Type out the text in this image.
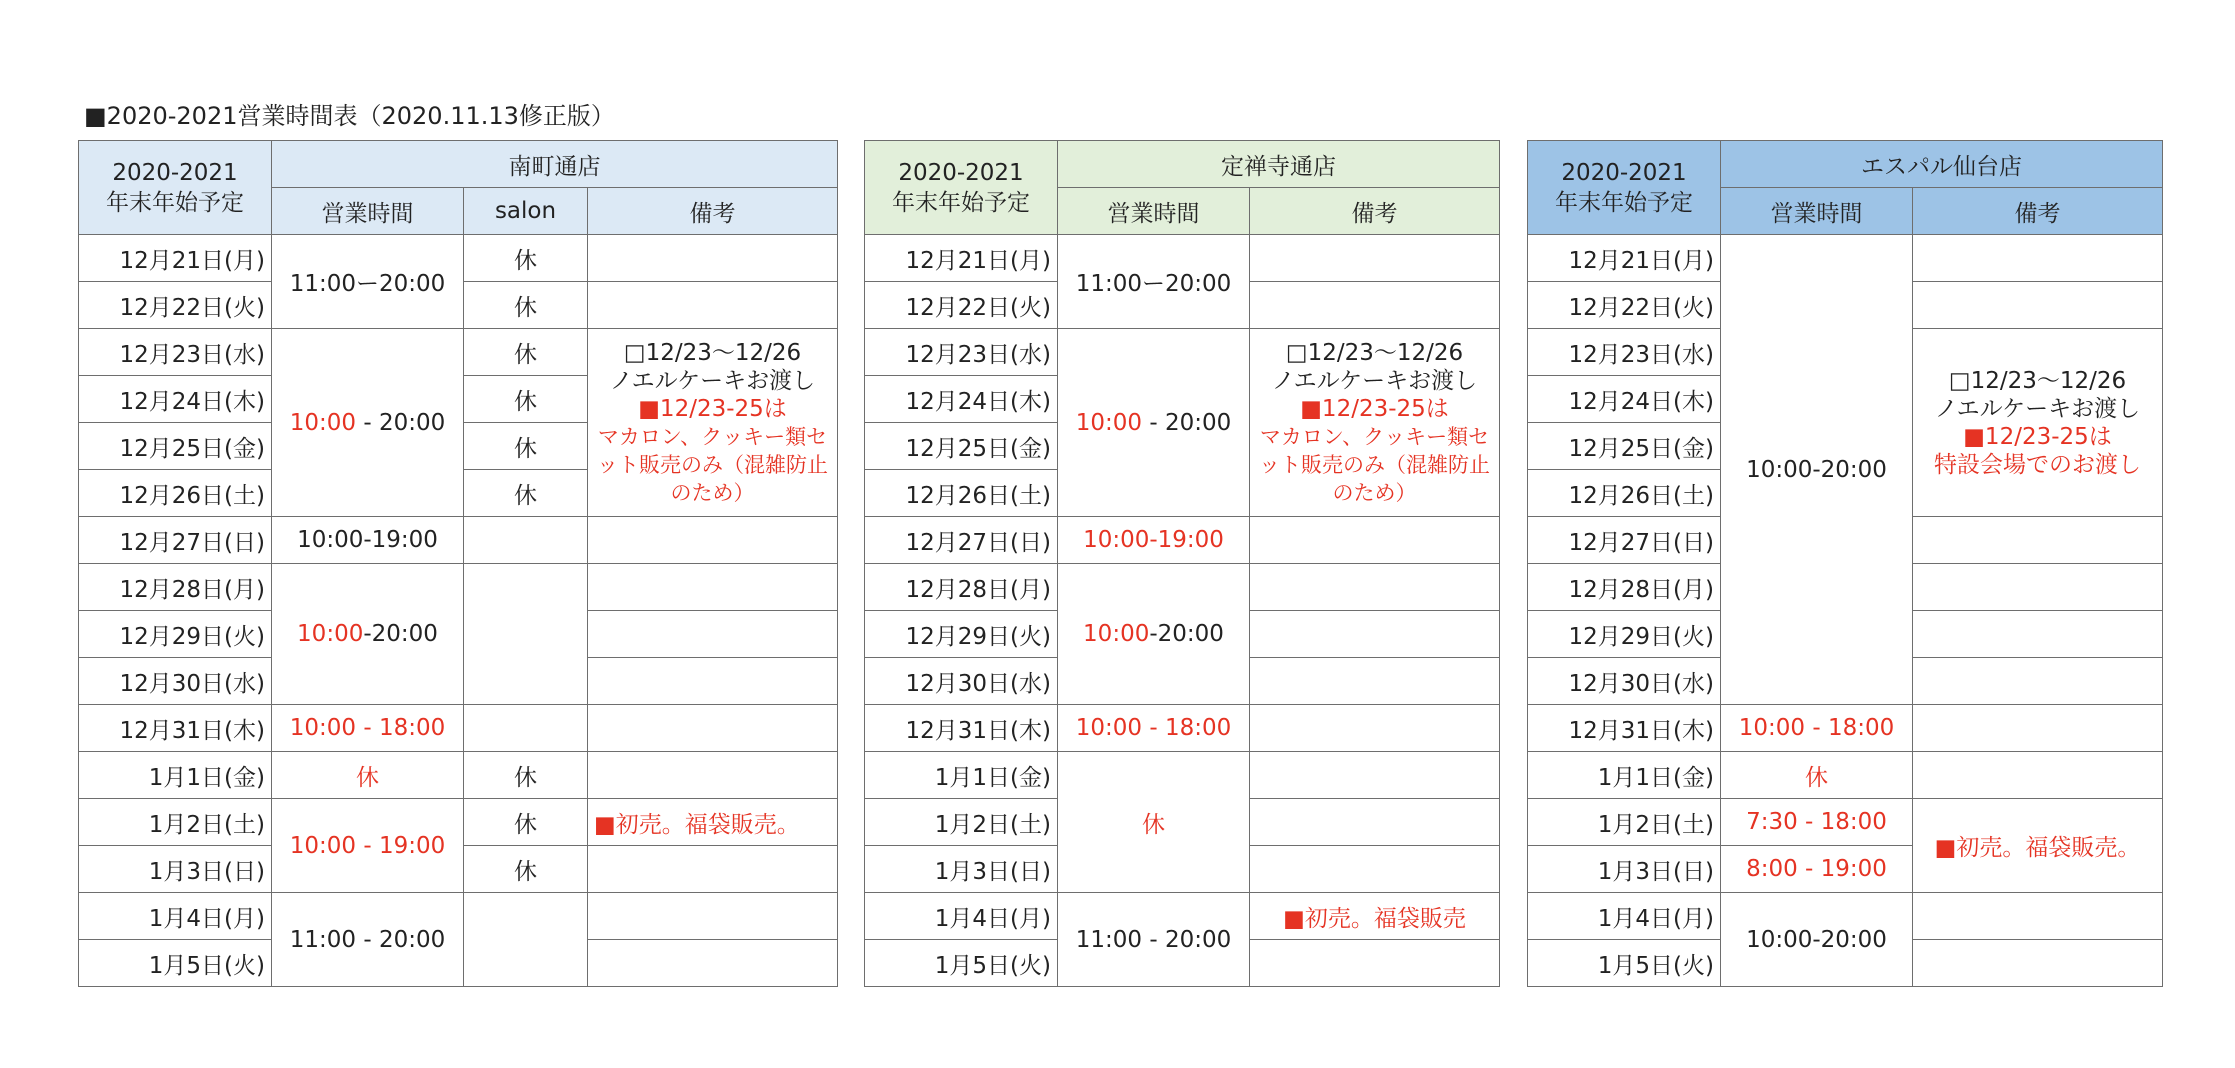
■2020-2021営業時間表（2020.11.13修正版）
2020-2021
年末年始予定	南町通店		
	営業時間	salon	備考
12月21日(月)	11:00ー20:00	休	
12月22日(火)		休	
12月23日(水)	10:00 - 20:00	休	□12/23～12/26
ノエルケーキお渡し
■12/23-25は
マカロン、クッキー類セット販売のみ（混雑防止のため）

12月24日(木)		休	
12月25日(金)		休	
12月26日(土)		休	
12月27日(日)	10:00-19:00		
12月28日(月)	10:00-20:00		
12月29日(火)			
12月30日(水)			
12月31日(木)	10:00 - 18:00		
1月1日(金)	休	休	
1月2日(土)	10:00 - 19:00	休	■初売。福袋販売。
1月3日(日)		休	
1月4日(月)	11:00 - 20:00		
1月5日(火)			
2020-2021
年末年始予定	定禅寺通店	
	営業時間	備考
12月21日(月)	11:00ー20:00	
12月22日(火)		
12月23日(水)	10:00 - 20:00	□12/23～12/26
ノエルケーキお渡し
■12/23-25は
マカロン、クッキー類セット販売のみ（混雑防止のため）

12月24日(木)		
12月25日(金)		
12月26日(土)		
12月27日(日)	10:00-19:00	
12月28日(月)	10:00-20:00	
12月29日(火)		
12月30日(水)		
12月31日(木)	10:00 - 18:00	
1月1日(金)	休	
1月2日(土)		
1月3日(日)		
1月4日(月)	11:00 - 20:00	■初売。福袋販売
1月5日(火)		
2020-2021
年末年始予定	エスパル仙台店	
	営業時間	備考
12月21日(月)	10:00-20:00	
12月22日(火)		
12月23日(水)		□12/23～12/26
ノエルケーキお渡し
■12/23-25は
特設会場でのお渡し

12月24日(木)		
12月25日(金)		
12月26日(土)		
12月27日(日)		
12月28日(月)		
12月29日(火)		
12月30日(水)		
12月31日(木)	10:00 - 18:00	
1月1日(金)	休	
1月2日(土)	7:30 - 18:00	■初売。福袋販売。
1月3日(日)	8:00 - 19:00	
1月4日(月)	10:00-20:00	
1月5日(火)		
